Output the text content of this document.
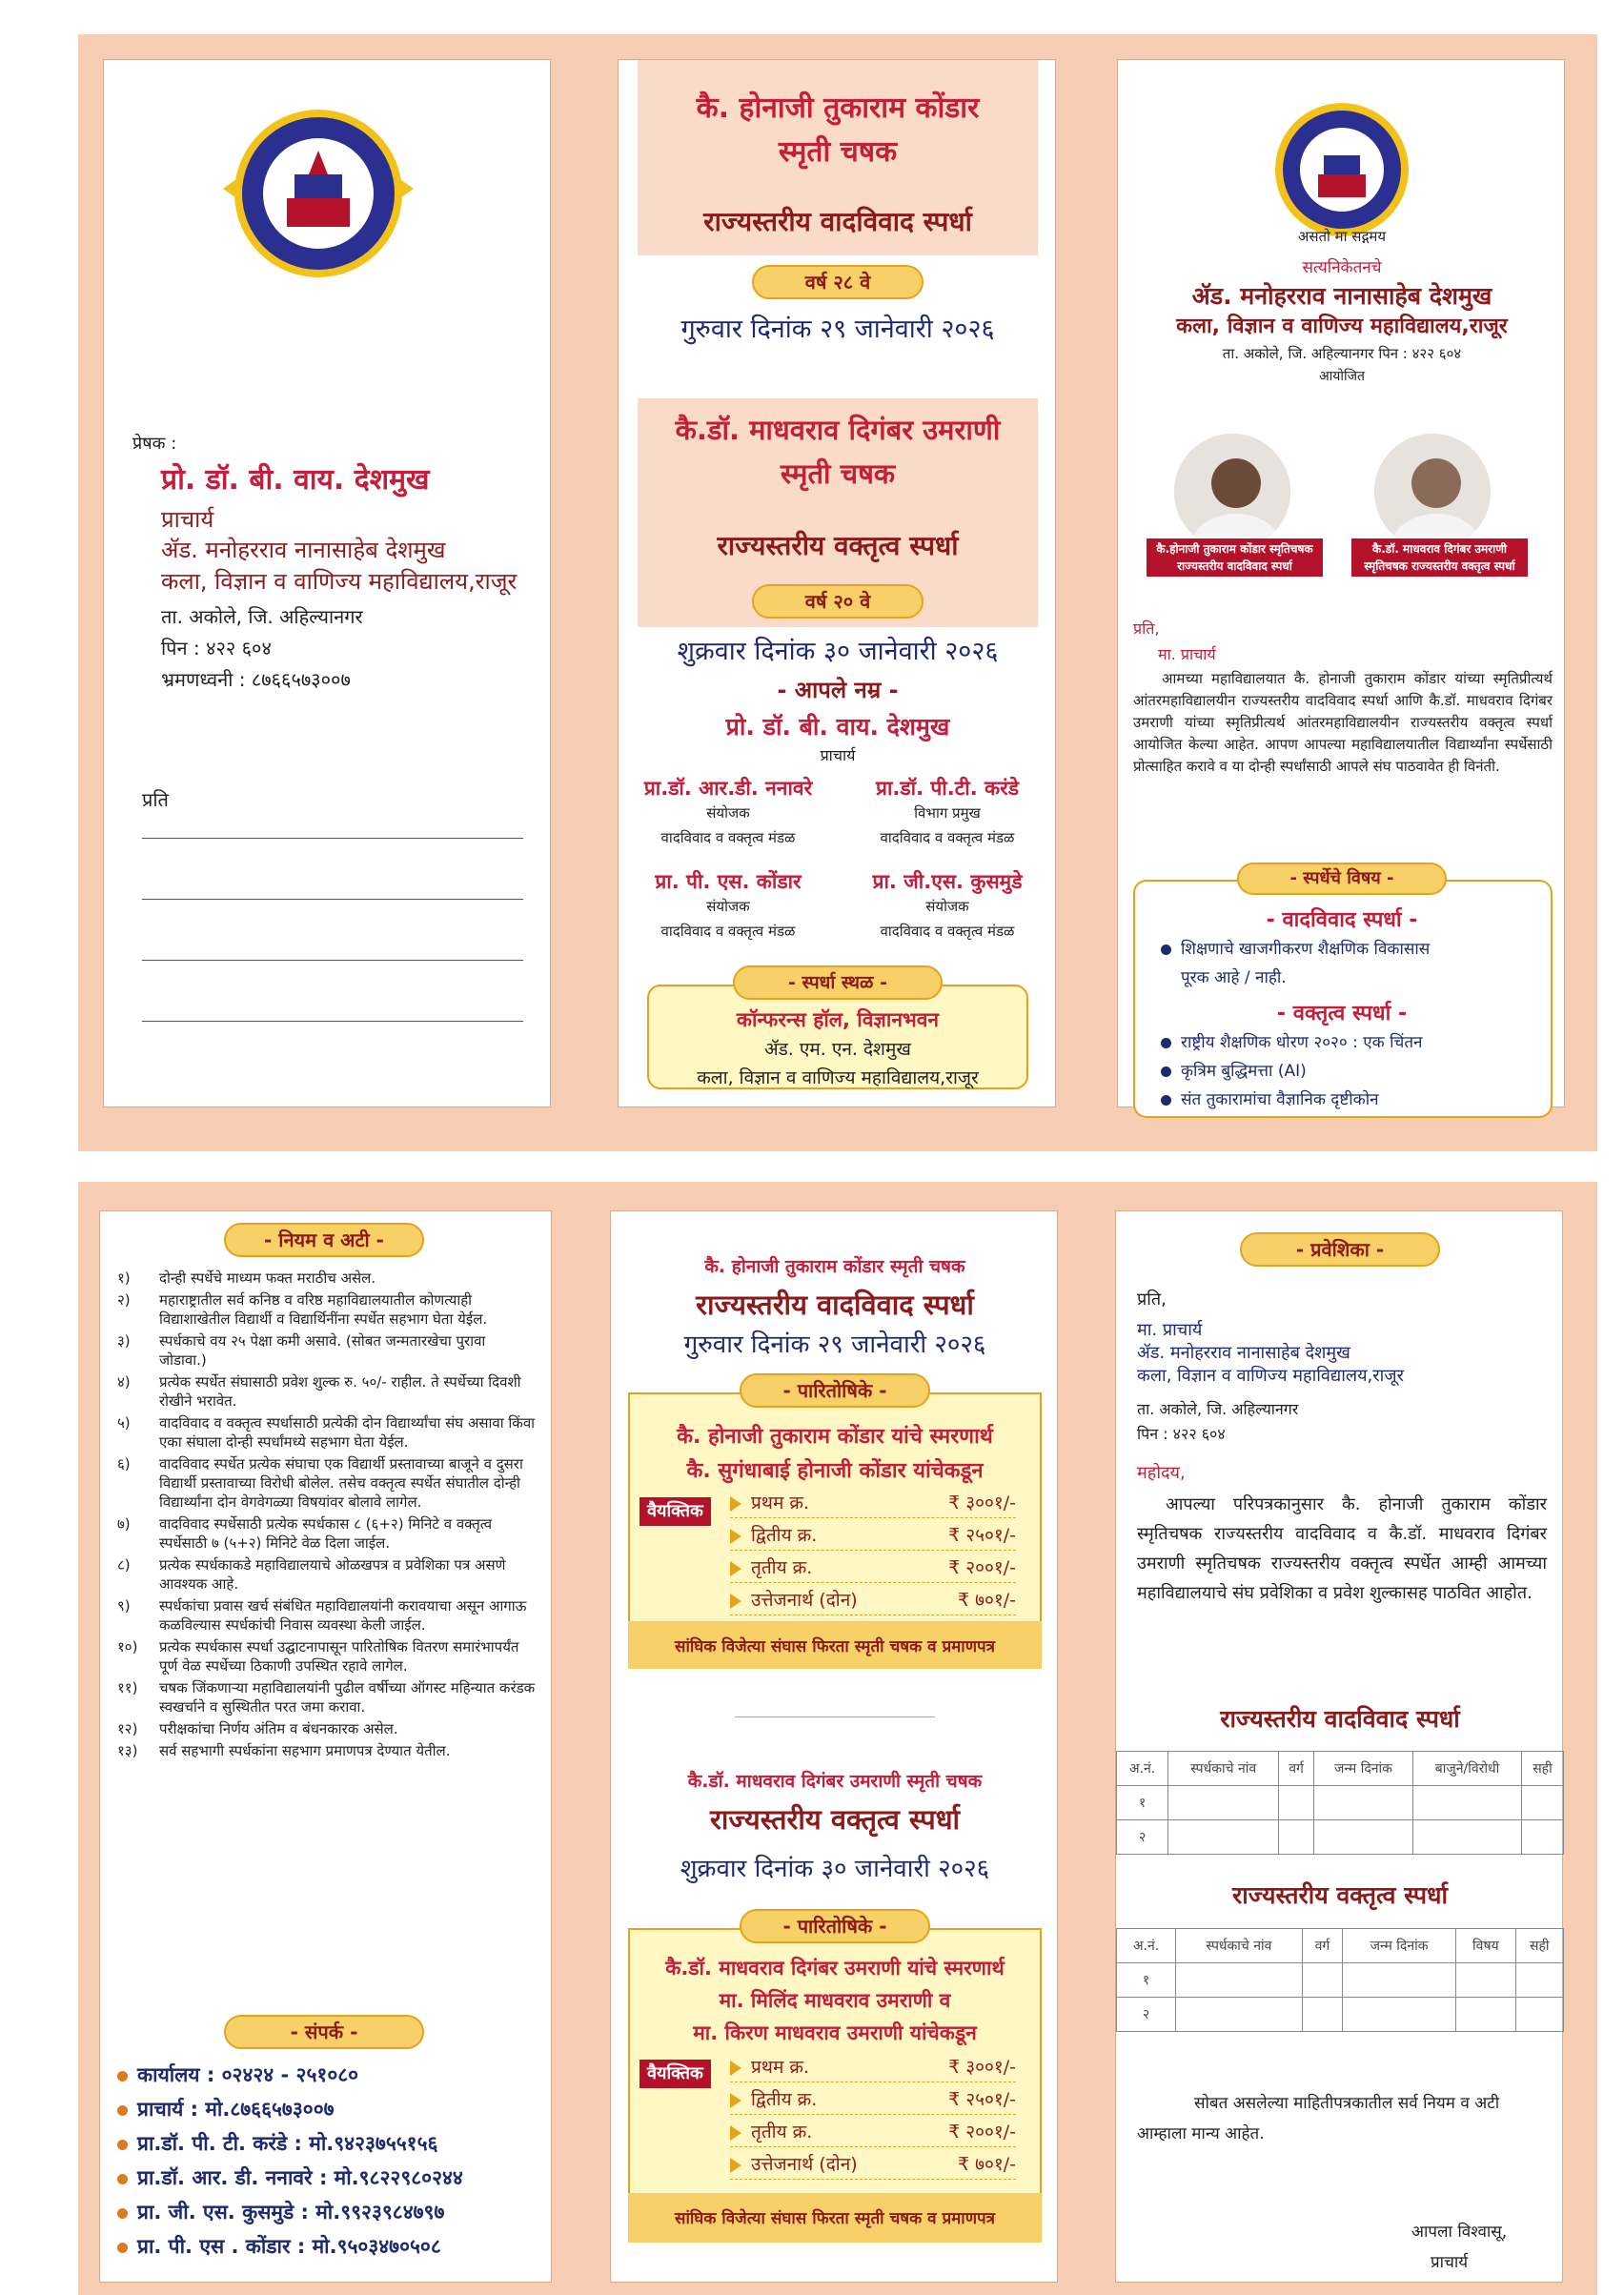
प्रेषक :
प्रो. डॉ. बी. वाय. देशमुख
प्राचार्य
ॲड. मनोहरराव नानासाहेब देशमुख
कला, विज्ञान व वाणिज्य महाविद्यालय,राजूर
ता. अकोले, जि. अहिल्यानगर
पिन : ४२२ ६०४
भ्रमणध्वनी : ८७६६५७३००७
प्रति
कै. होनाजी तुकाराम कोंडार
स्मृती चषक
राज्यस्तरीय वादविवाद स्पर्धा
वर्ष २८ वे
गुरुवार दिनांक २९ जानेवारी २०२६
कै.डॉ. माधवराव दिगंबर उमराणी
स्मृती चषक
राज्यस्तरीय वक्तृत्व स्पर्धा
वर्ष २० वे
शुक्रवार दिनांक ३० जानेवारी २०२६
- आपले नम्र -
प्रो. डॉ. बी. वाय. देशमुख
प्राचार्य
प्रा.डॉ. आर.डी. ननावरे
संयोजक
वादविवाद व वक्तृत्व मंडळ
प्रा.डॉ. पी.टी. करंडे
विभाग प्रमुख
वादविवाद व वक्तृत्व मंडळ
प्रा. पी. एस. कोंडार
संयोजक
वादविवाद व वक्तृत्व मंडळ
प्रा. जी.एस. कुसमुडे
संयोजक
वादविवाद व वक्तृत्व मंडळ
- स्पर्धा स्थळ -
कॉन्फरन्स हॉल, विज्ञानभवन
ॲड. एम. एन. देशमुख
कला, विज्ञान व वाणिज्य महाविद्यालय,राजूर
असतो मा सद्गमय
सत्यनिकेतनचे
ॲड. मनोहरराव नानासाहेब देशमुख
कला, विज्ञान व वाणिज्य महाविद्यालय,राजूर
ता. अकोले, जि. अहिल्यानगर पिन : ४२२ ६०४
आयोजित
कै.होनाजी तुकाराम कोंडार स्मृतिचषक राज्यस्तरीय वादविवाद स्पर्धा
कै.डॉ. माधवराव दिगंबर उमराणी स्मृतिचषक राज्यस्तरीय वक्तृत्व स्पर्धा
प्रति,
मा. प्राचार्य
आमच्या महाविद्यालयात कै. होनाजी तुकाराम कोंडार यांच्या स्मृतिप्रीत्यर्थ आंतरमहाविद्यालयीन राज्यस्तरीय वादविवाद स्पर्धा आणि कै.डॉ. माधवराव दिगंबर उमराणी यांच्या स्मृतिप्रीत्यर्थ आंतरमहाविद्यालयीन राज्यस्तरीय वक्तृत्व स्पर्धा आयोजित केल्या आहेत. आपण आपल्या महाविद्यालयातील विद्यार्थ्यांना स्पर्धेसाठी प्रोत्साहित करावे व या दोन्ही स्पर्धांसाठी आपले संघ पाठवावेत ही विनंती.
- स्पर्धेचे विषय -
- वादविवाद स्पर्धा -
शिक्षणाचे खाजगीकरण शैक्षणिक विकासास
पूरक आहे / नाही.
- वक्तृत्व स्पर्धा -
राष्ट्रीय शैक्षणिक धोरण २०२० : एक चिंतन
कृत्रिम बुद्धिमत्ता (AI)
संत तुकारामांचा वैज्ञानिक दृष्टीकोन
- नियम व अटी -
१)	दोन्ही स्पर्धेचे माध्यम फक्त मराठीच असेल.
२)	महाराष्ट्रातील सर्व कनिष्ठ व वरिष्ठ महाविद्यालयातील कोणत्याही विद्याशाखेतील विद्यार्थी व विद्यार्थिनींना स्पर्धेत सहभाग घेता येईल.
३)	स्पर्धकाचे वय २५ पेक्षा कमी असावे. (सोबत जन्मतारखेचा पुरावा जोडावा.)
४)	प्रत्येक स्पर्धेत संघासाठी प्रवेश शुल्क रु. ५०/- राहील. ते स्पर्धेच्या दिवशी रोखीने भरावेत.
५)	वादविवाद व वक्तृत्व स्पर्धासाठी प्रत्येकी दोन विद्यार्थ्यांचा संघ असावा किंवा एका संघाला दोन्ही स्पर्धांमध्ये सहभाग घेता येईल.
६)	वादविवाद स्पर्धेत प्रत्येक संघाचा एक विद्यार्थी प्रस्तावाच्या बाजूने व दुसरा विद्यार्थी प्रस्तावाच्या विरोधी बोलेल. तसेच वक्तृत्व स्पर्धेत संघातील दोन्ही विद्यार्थ्यांना दोन वेगवेगळ्या विषयांवर बोलावे लागेल.
७)	वादविवाद स्पर्धेसाठी प्रत्येक स्पर्धकास ८ (६+२) मिनिटे व वक्तृत्व स्पर्धेसाठी ७ (५+२) मिनिटे वेळ दिला जाईल.
८)	प्रत्येक स्पर्धकाकडे महाविद्यालयाचे ओळखपत्र व प्रवेशिका पत्र असणे आवश्यक आहे.
९)	स्पर्धकांचा प्रवास खर्च संबंधित महाविद्यालयांनी करावयाचा असून आगाऊ कळविल्यास स्पर्धकांची निवास व्यवस्था केली जाईल.
१०)	प्रत्येक स्पर्धकास स्पर्धा उद्घाटनापासून पारितोषिक वितरण समारंभापर्यंत पूर्ण वेळ स्पर्धेच्या ठिकाणी उपस्थित रहावे लागेल.
११)	चषक जिंकणाऱ्या महाविद्यालयांनी पुढील वर्षीच्या ऑगस्ट महिन्यात करंडक स्वखर्चाने व सुस्थितीत परत जमा करावा.
१२)	परीक्षकांचा निर्णय अंतिम व बंधनकारक असेल.
१३)	सर्व सहभागी स्पर्धकांना सहभाग प्रमाणपत्र देण्यात येतील.
- संपर्क -
कार्यालय : ०२४२४ - २५१०८०
प्राचार्य : मो.८७६६५७३००७
प्रा.डॉ. पी. टी. करंडे : मो.९४२३७५५१५६
प्रा.डॉ. आर. डी. ननावरे : मो.९८२२९८०२४४
प्रा. जी. एस. कुसमुडे : मो.९९२३९८४७९७
प्रा. पी. एस . कोंडार : मो.९५०३४७०५०८
कै. होनाजी तुकाराम कोंडार स्मृती चषक
राज्यस्तरीय वादविवाद स्पर्धा
गुरुवार दिनांक २९ जानेवारी २०२६
- पारितोषिके -
कै. होनाजी तुकाराम कोंडार यांचे स्मरणार्थ
कै. सुगंधाबाई होनाजी कोंडार यांचेकडून
वैयक्तिक	प्रथम क्र.	₹ ३००१/-
द्वितीय क्र.	₹ २५०१/-
तृतीय क्र.	₹ २००१/-
उत्तेजनार्थ (दोन)	₹ ७०१/-
सांघिक विजेत्या संघास फिरता स्मृती चषक व प्रमाणपत्र
कै.डॉ. माधवराव दिगंबर उमराणी स्मृती चषक
राज्यस्तरीय वक्तृत्व स्पर्धा
शुक्रवार दिनांक ३० जानेवारी २०२६
- पारितोषिके -
कै.डॉ. माधवराव दिगंबर उमराणी यांचे स्मरणार्थ
मा. मिलिंद माधवराव उमराणी व
मा. किरण माधवराव उमराणी यांचेकडून
वैयक्तिक	प्रथम क्र.	₹ ३००१/-
द्वितीय क्र.	₹ २५०१/-
तृतीय क्र.	₹ २००१/-
उत्तेजनार्थ (दोन)	₹ ७०१/-
सांघिक विजेत्या संघास फिरता स्मृती चषक व प्रमाणपत्र
- प्रवेशिका -
प्रति,
मा. प्राचार्य
ॲड. मनोहरराव नानासाहेब देशमुख
कला, विज्ञान व वाणिज्य महाविद्यालय,राजूर
ता. अकोले, जि. अहिल्यानगर
पिन : ४२२ ६०४
महोदय,
आपल्या परिपत्रकानुसार कै. होनाजी तुकाराम कोंडार स्मृतिचषक राज्यस्तरीय वादविवाद व कै.डॉ. माधवराव दिगंबर उमराणी स्मृतिचषक राज्यस्तरीय वक्तृत्व स्पर्धेत आम्ही आमच्या महाविद्यालयाचे संघ प्रवेशिका व प्रवेश शुल्कासह पाठवित आहोत.
राज्यस्तरीय वादविवाद स्पर्धा
अ.नं.	स्पर्धकाचे नांव	वर्ग	जन्म दिनांक	बाजुने/विरोधी	सही
१					
२					
राज्यस्तरीय वक्तृत्व स्पर्धा
अ.नं.	स्पर्धकाचे नांव	वर्ग	जन्म दिनांक	विषय	सही
१					
२					
सोबत असलेल्या माहितीपत्रकातील सर्व नियम व अटी आम्हाला मान्य आहेत.
आपला विश्वासू,
प्राचार्य
